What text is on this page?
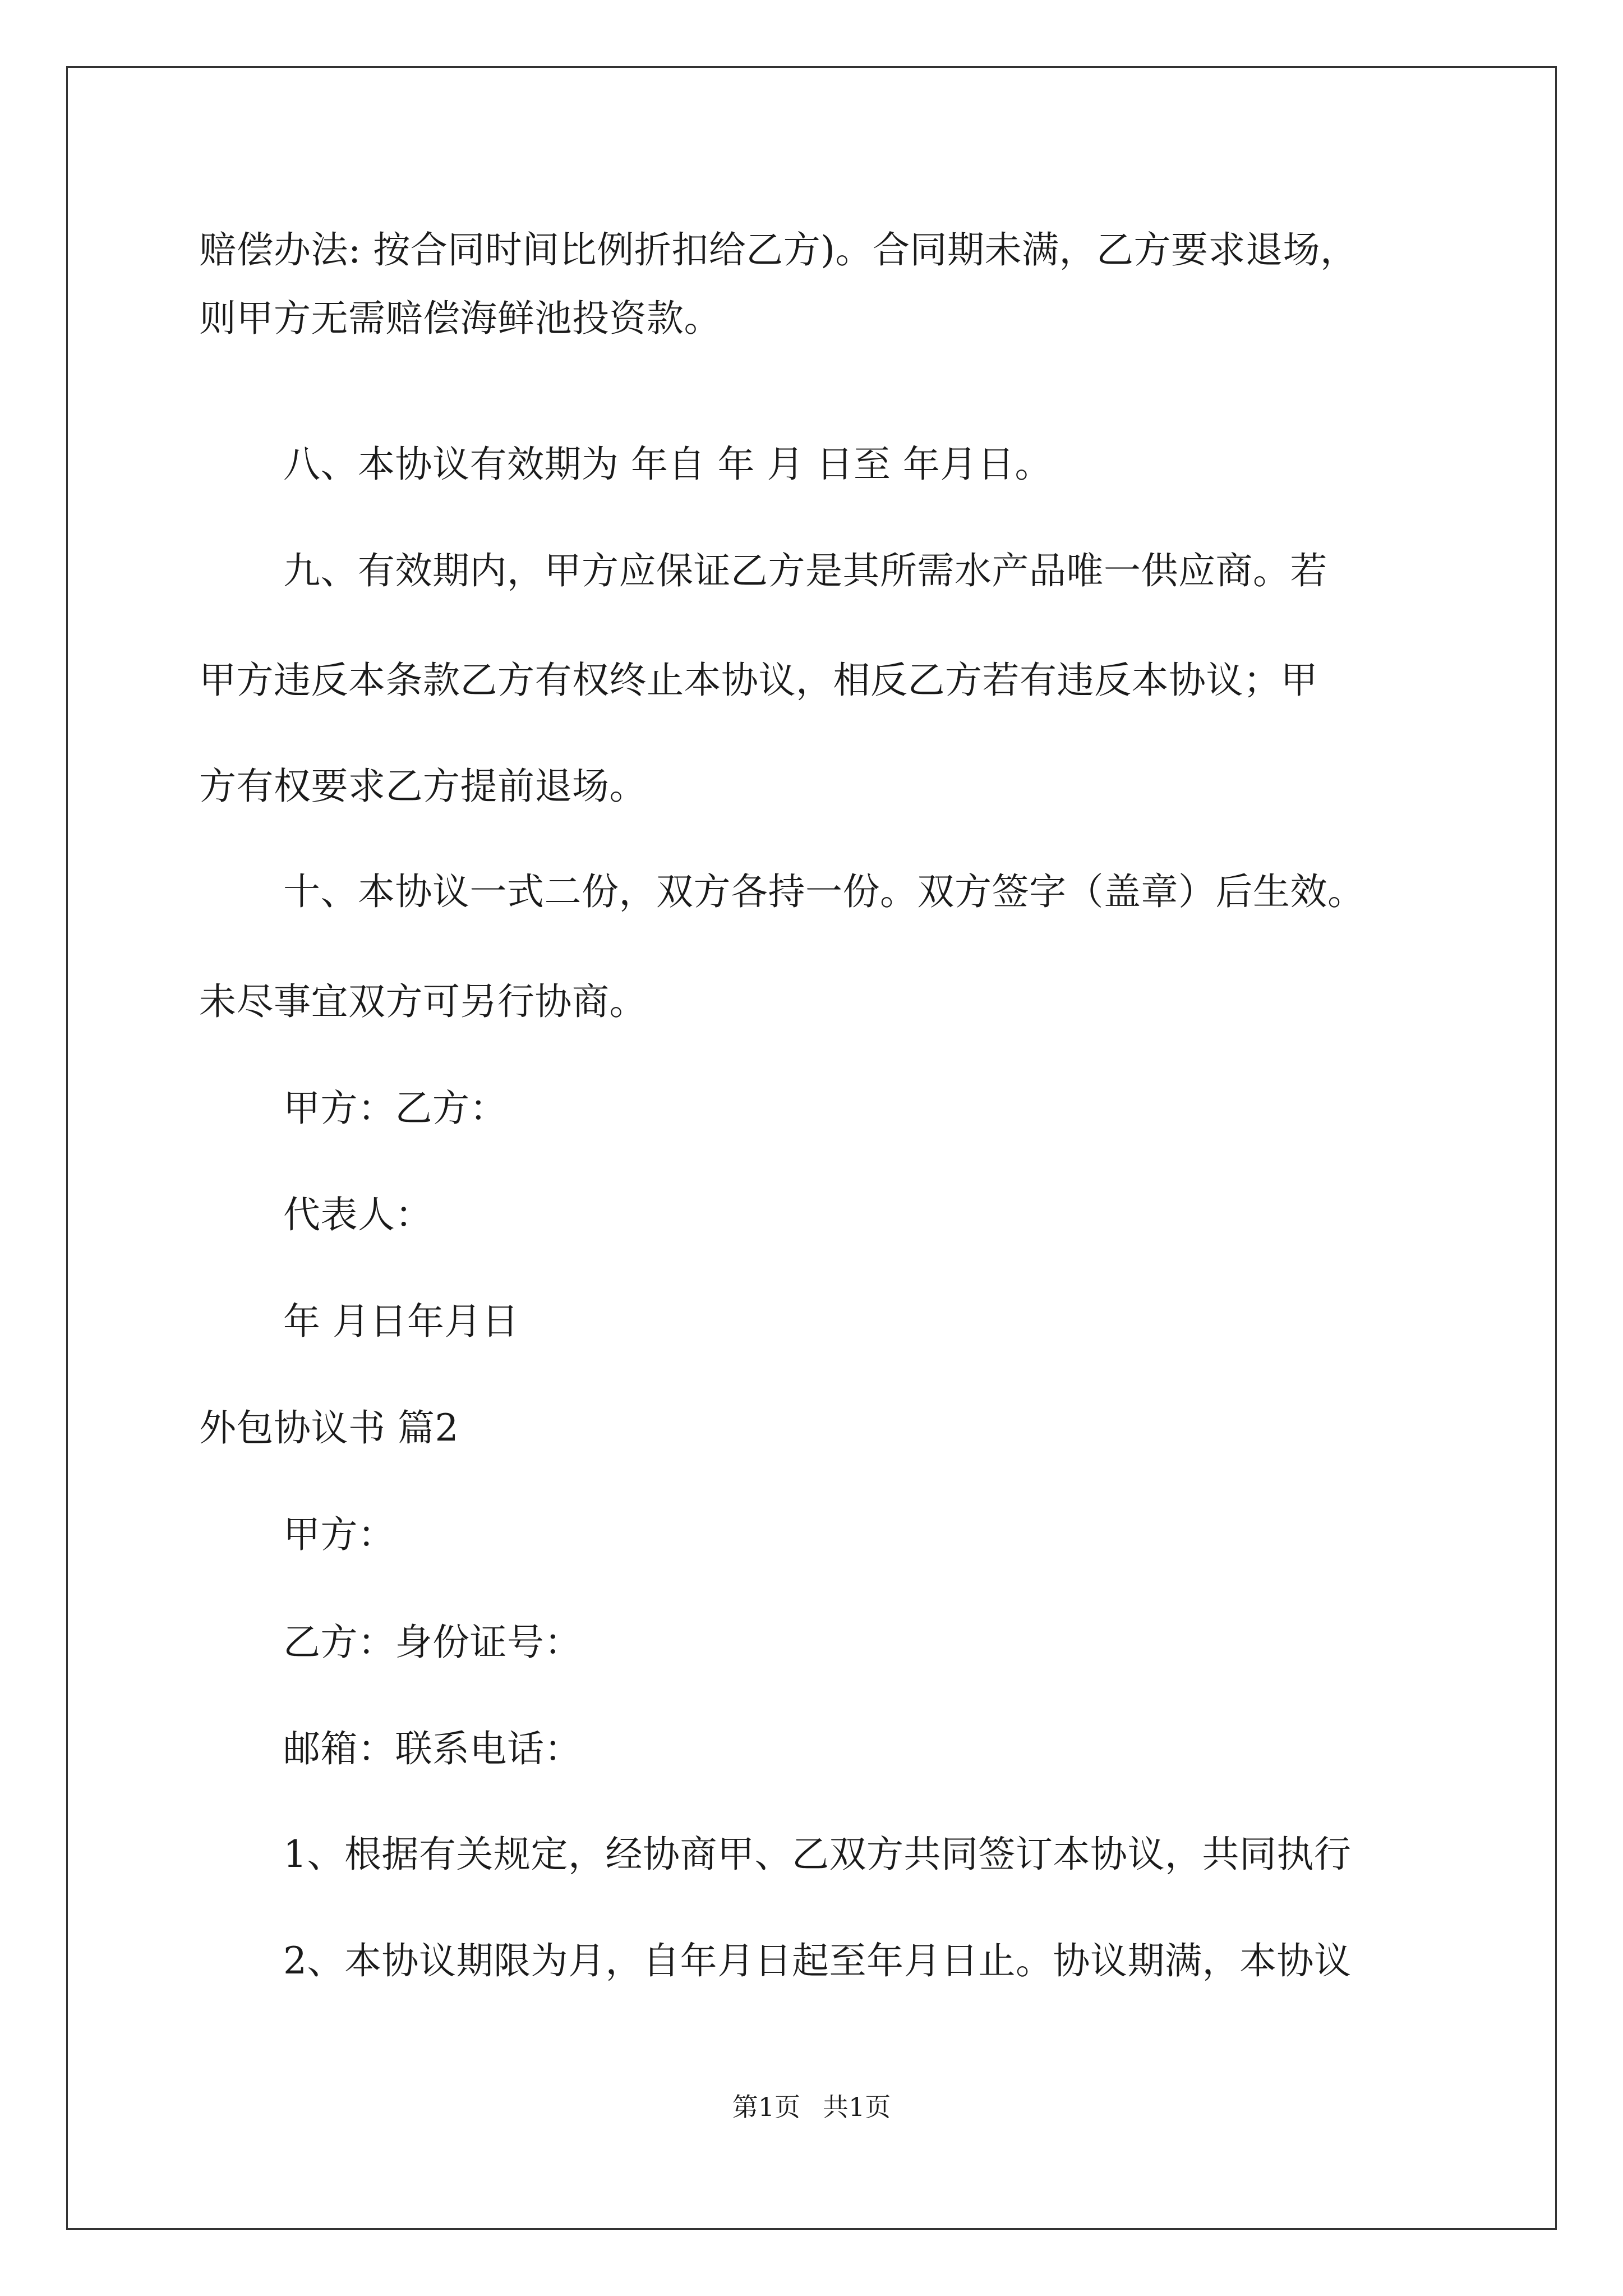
赔偿办法: 按合同时间比例折扣给乙方)。合同期未满，乙方要求退场，
则甲方无需赔偿海鲜池投资款。
八、本协议有效期为 年自 年 月 日至 年月日。
九、有效期内，甲方应保证乙方是其所需水产品唯一供应商。若
甲方违反本条款乙方有权终止本协议，相反乙方若有违反本协议；甲
方有权要求乙方提前退场。
十、本协议一式二份，双方各持一份。双方签字（盖章）后生效。
未尽事宜双方可另行协商。
甲方：乙方：
代表人：
年 月日年月日
外包协议书 篇2
甲方：
乙方：身份证号：
邮箱：联系电话：
1、根据有关规定，经协商甲、乙双方共同签订本协议，共同执行
2、本协议期限为月，自年月日起至年月日止。协议期满，本协议
第1页 共1页
